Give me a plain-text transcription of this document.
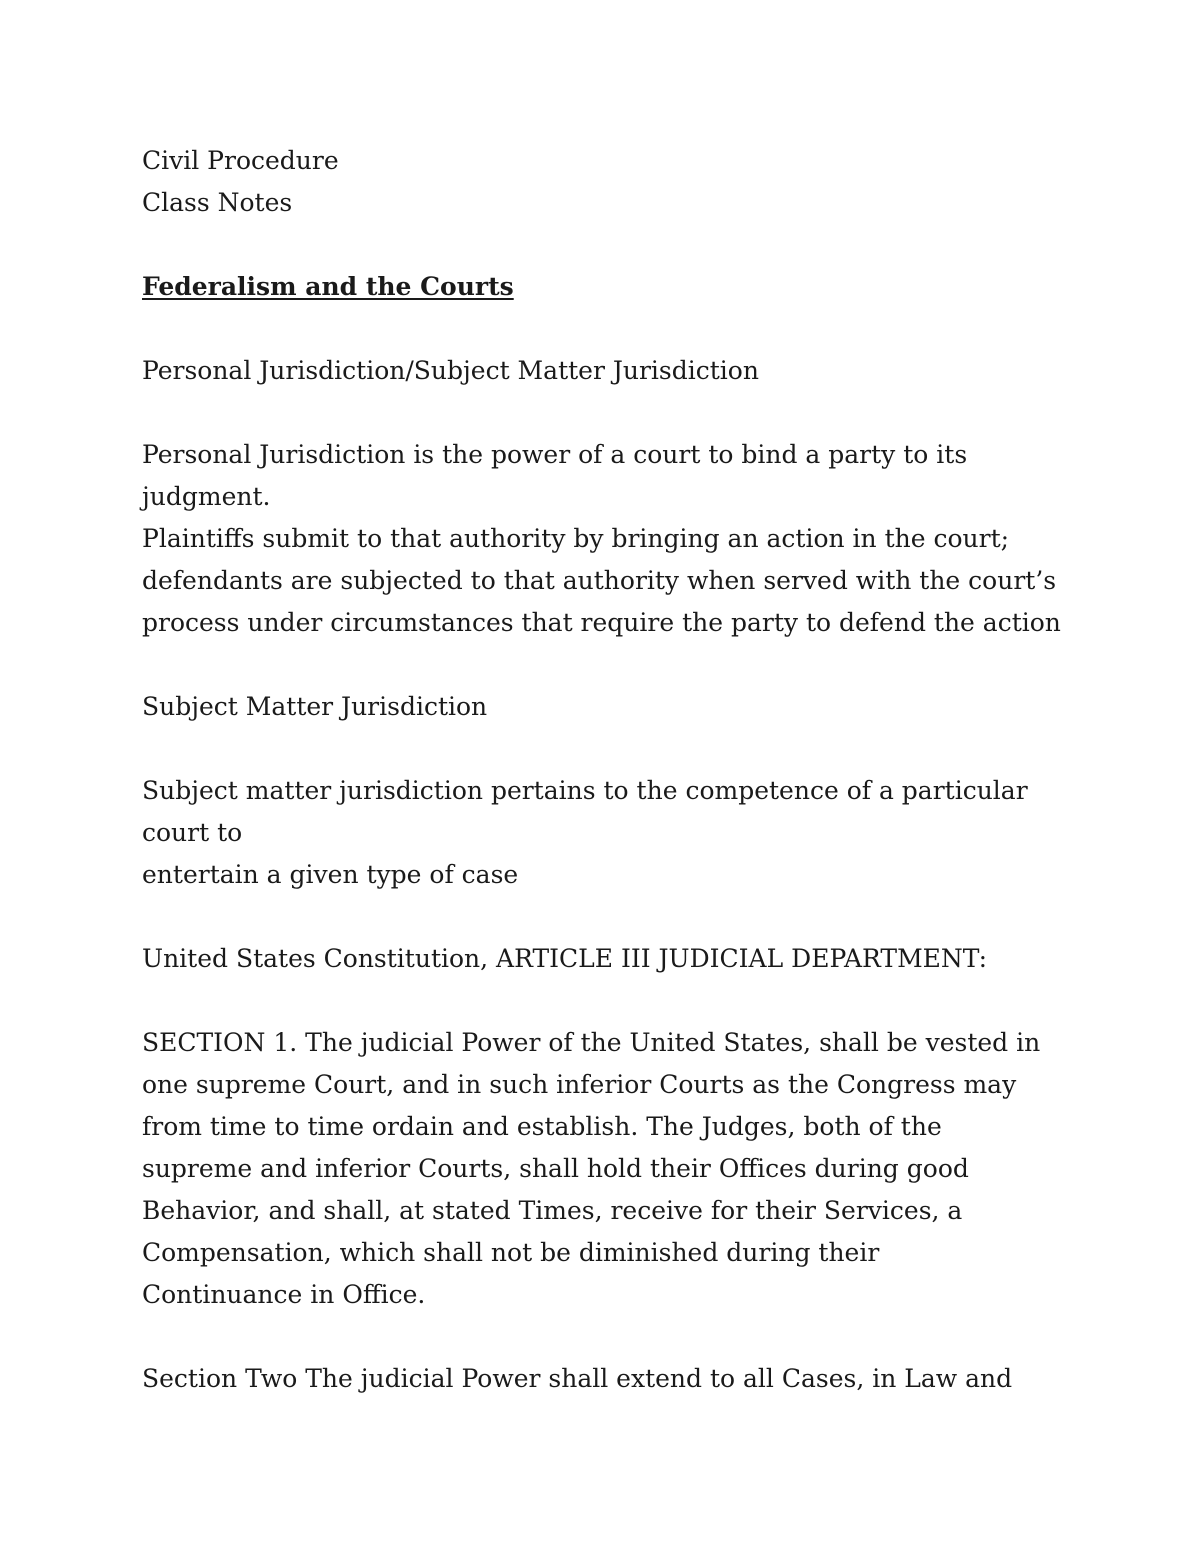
Civil Procedure
Class Notes
Federalism and the Courts
Personal Jurisdiction/Subject Matter Jurisdiction
Personal Jurisdiction is the power of a court to bind a party to its
judgment.
Plaintiffs submit to that authority by bringing an action in the court;
defendants are subjected to that authority when served with the court’s
process under circumstances that require the party to defend the action
Subject Matter Jurisdiction
Subject matter jurisdiction pertains to the competence of a particular
court to
entertain a given type of case
United States Constitution, ARTICLE III JUDICIAL DEPARTMENT:
SECTION 1. The judicial Power of the United States, shall be vested in
one supreme Court, and in such inferior Courts as the Congress may
from time to time ordain and establish. The Judges, both of the
supreme and inferior Courts, shall hold their Offices during good
Behavior, and shall, at stated Times, receive for their Services, a
Compensation, which shall not be diminished during their
Continuance in Office.
Section Two The judicial Power shall extend to all Cases, in Law and
